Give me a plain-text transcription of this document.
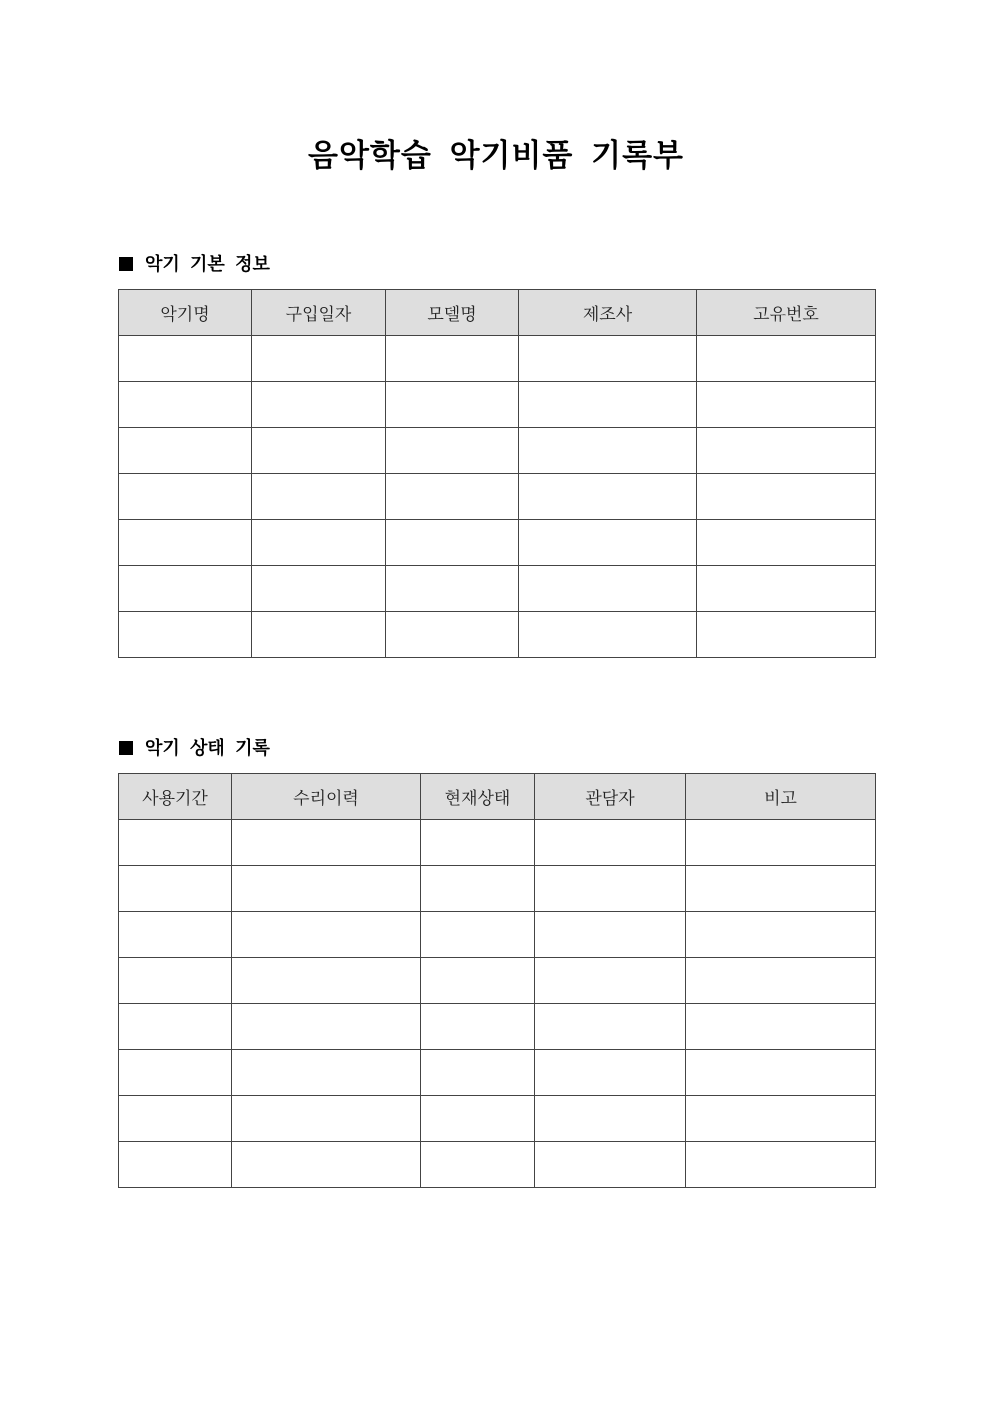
음악학습 악기비품 기록부
악기 기본 정보
악기명	구입일자	모델명	제조사	고유번호

악기 상태 기록
사용기간	수리이력	현재상태	관담자	비고
